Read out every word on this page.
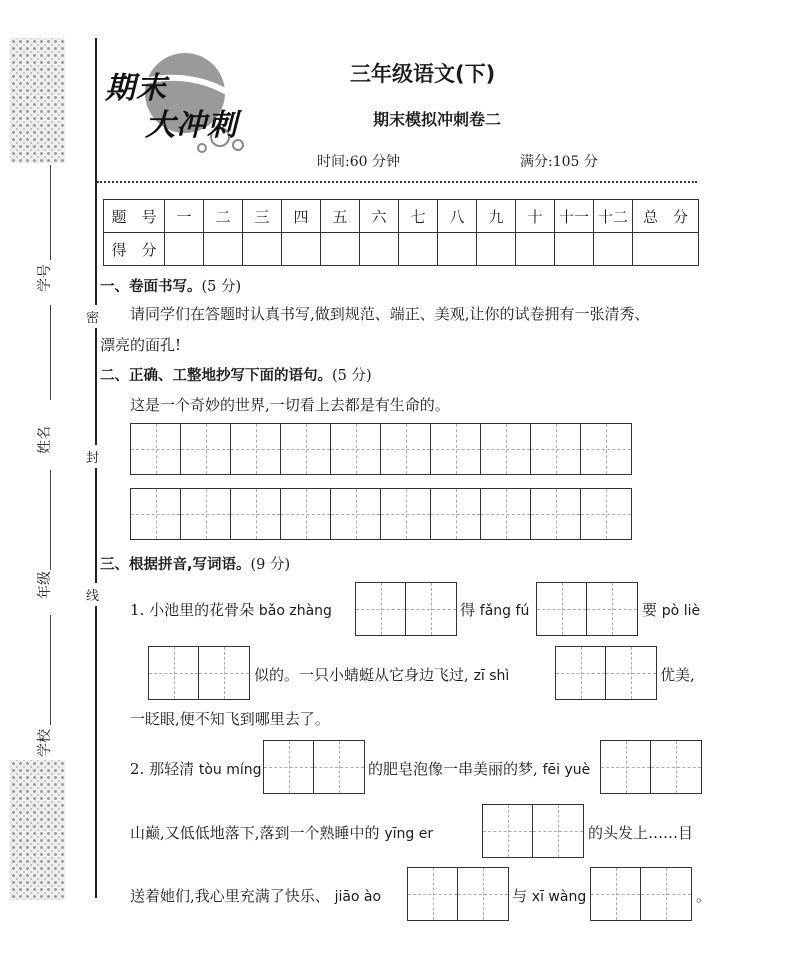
学号
姓名
年级
学校
密
封
线
期末
大冲刺
三年级语文(下)
期末模拟冲刺卷二
时间:60 分钟	满分:105 分
题　号	一	二	三	四	五	六	七	八	九	十	十一	十二	总　分
得　分													
一、卷面书写。(5 分)
请同学们在答题时认真书写,做到规范、端正、美观,让你的试卷拥有一张清秀、
漂亮的面孔!
二、正确、工整地抄写下面的语句。(5 分)
这是一个奇妙的世界,一切看上去都是有生命的。
三、根据拼音,写词语。(9 分)
1. 小池里的花骨朵 bǎo zhàng	得 fǎng fú	要 pò liè
似的。一只小蜻蜓从它身边飞过, zī shì	优美,
一眨眼,便不知飞到哪里去了。
2. 那轻清 tòu míng	的肥皂泡像一串美丽的梦, fēi yuè
山巅,又低低地落下,落到一个熟睡中的 yīng er	的头发上……目
送着她们,我心里充满了快乐、 jiāo ào	与 xī wàng	。
